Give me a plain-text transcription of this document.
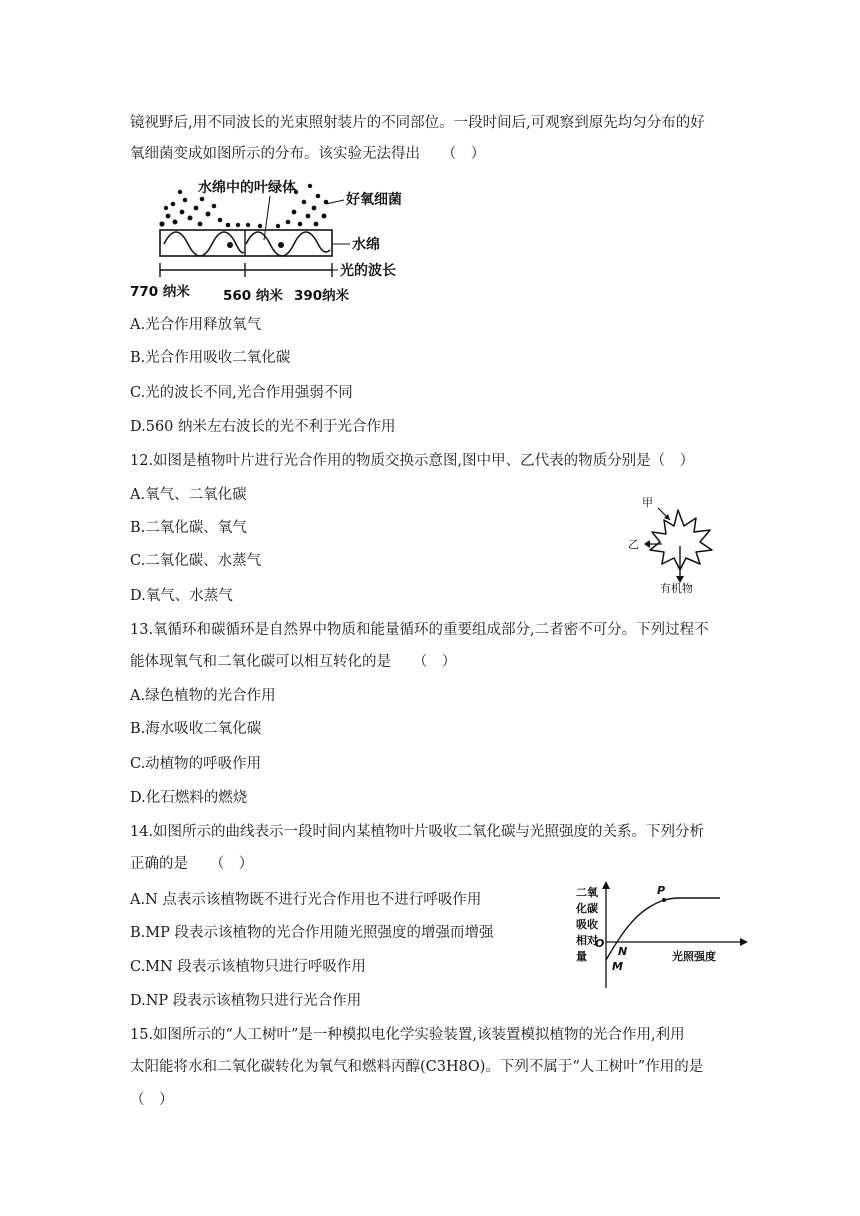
镜视野后,用不同波长的光束照射装片的不同部位。一段时间后,可观察到原先均匀分布的好
氧细菌变成如图所示的分布。该实验无法得出　　（　）
水绵中的叶绿体
好氧细菌
水绵
光的波长
770 纳米 560 纳米 390纳米
A.光合作用释放氧气
B.光合作用吸收二氧化碳
C.光的波长不同,光合作用强弱不同
D.560 纳米左右波长的光不利于光合作用
12.如图是植物叶片进行光合作用的物质交换示意图,图中甲、乙代表的物质分别是（　）
A.氧气、二氧化碳
B.二氧化碳、氧气
C.二氧化碳、水蒸气
D.氧气、水蒸气
甲
乙
有机物
13.氧循环和碳循环是自然界中物质和能量循环的重要组成部分,二者密不可分。下列过程不
能体现氧气和二氧化碳可以相互转化的是　　（　）
A.绿色植物的光合作用
B.海水吸收二氧化碳
C.动植物的呼吸作用
D.化石燃料的燃烧
14.如图所示的曲线表示一段时间内某植物叶片吸收二氧化碳与光照强度的关系。下列分析
正确的是　　（　）
A.N 点表示该植物既不进行光合作用也不进行呼吸作用
B.MP 段表示该植物的光合作用随光照强度的增强而增强
C.MN 段表示该植物只进行呼吸作用
D.NP 段表示该植物只进行光合作用
二氧
化碳
吸收
相对
量
O
N
M
P
光照强度
15.如图所示的“人工树叶”是一种模拟电化学实验装置,该装置模拟植物的光合作用,利用
太阳能将水和二氧化碳转化为氧气和燃料丙醇(C3H8O)。下列不属于“人工树叶”作用的是
（　）
